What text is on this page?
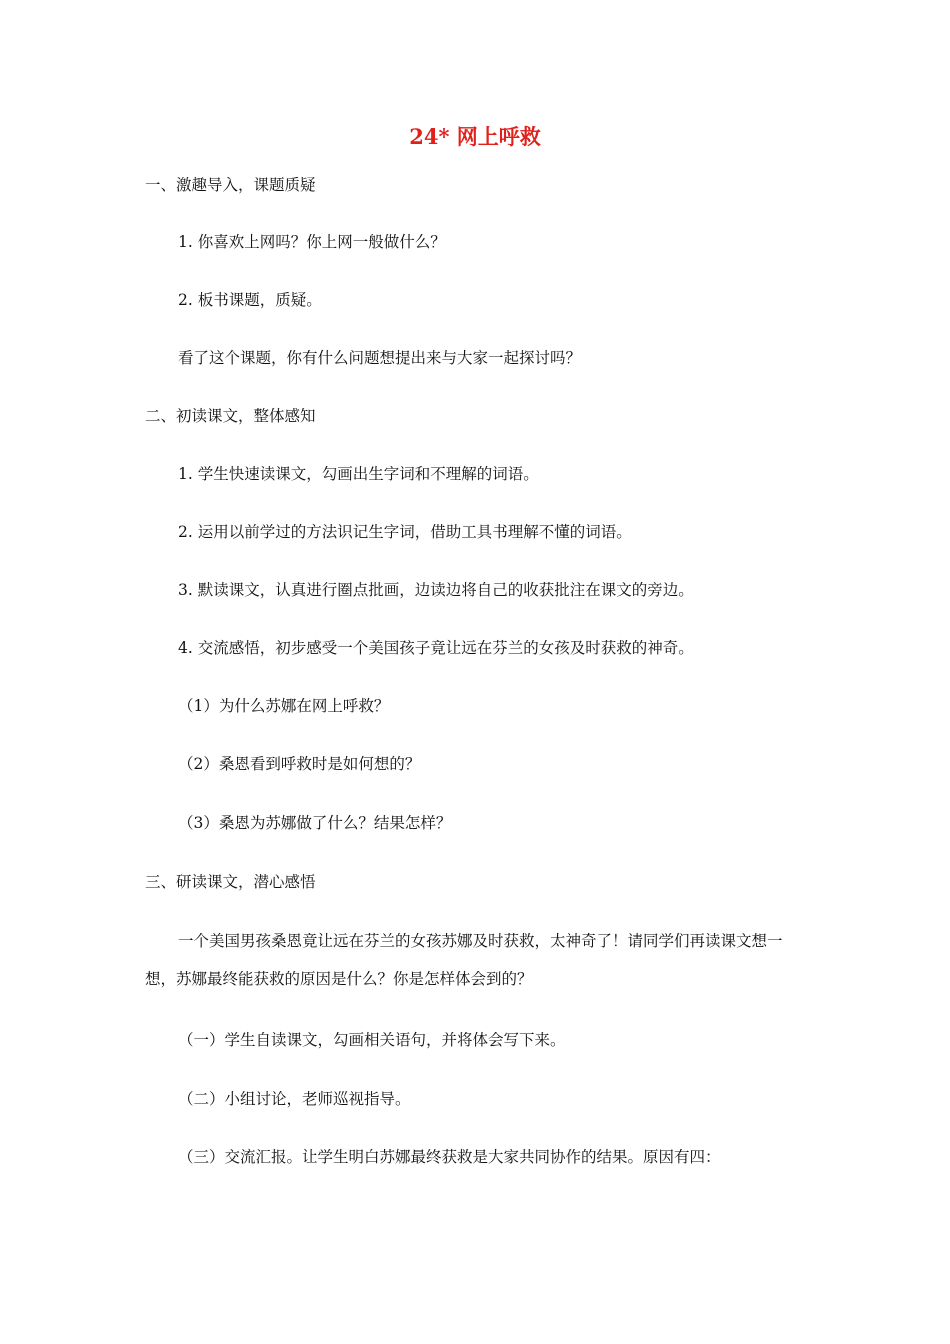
24* 网上呼救
一、激趣导入，课题质疑
1. 你喜欢上网吗？你上网一般做什么？
2. 板书课题，质疑。
看了这个课题，你有什么问题想提出来与大家一起探讨吗？
二、初读课文，整体感知
1. 学生快速读课文，勾画出生字词和不理解的词语。
2. 运用以前学过的方法识记生字词，借助工具书理解不懂的词语。
3. 默读课文，认真进行圈点批画，边读边将自己的收获批注在课文的旁边。
4. 交流感悟，初步感受一个美国孩子竟让远在芬兰的女孩及时获救的神奇。
（1）为什么苏娜在网上呼救？
（2）桑恩看到呼救时是如何想的？
（3）桑恩为苏娜做了什么？结果怎样？
三、研读课文，潜心感悟
一个美国男孩桑恩竟让远在芬兰的女孩苏娜及时获救，太神奇了！请同学们再读课文想一想，苏娜最终能获救的原因是什么？你是怎样体会到的？
（一）学生自读课文，勾画相关语句，并将体会写下来。
（二）小组讨论，老师巡视指导。
（三）交流汇报。让学生明白苏娜最终获救是大家共同协作的结果。原因有四：
